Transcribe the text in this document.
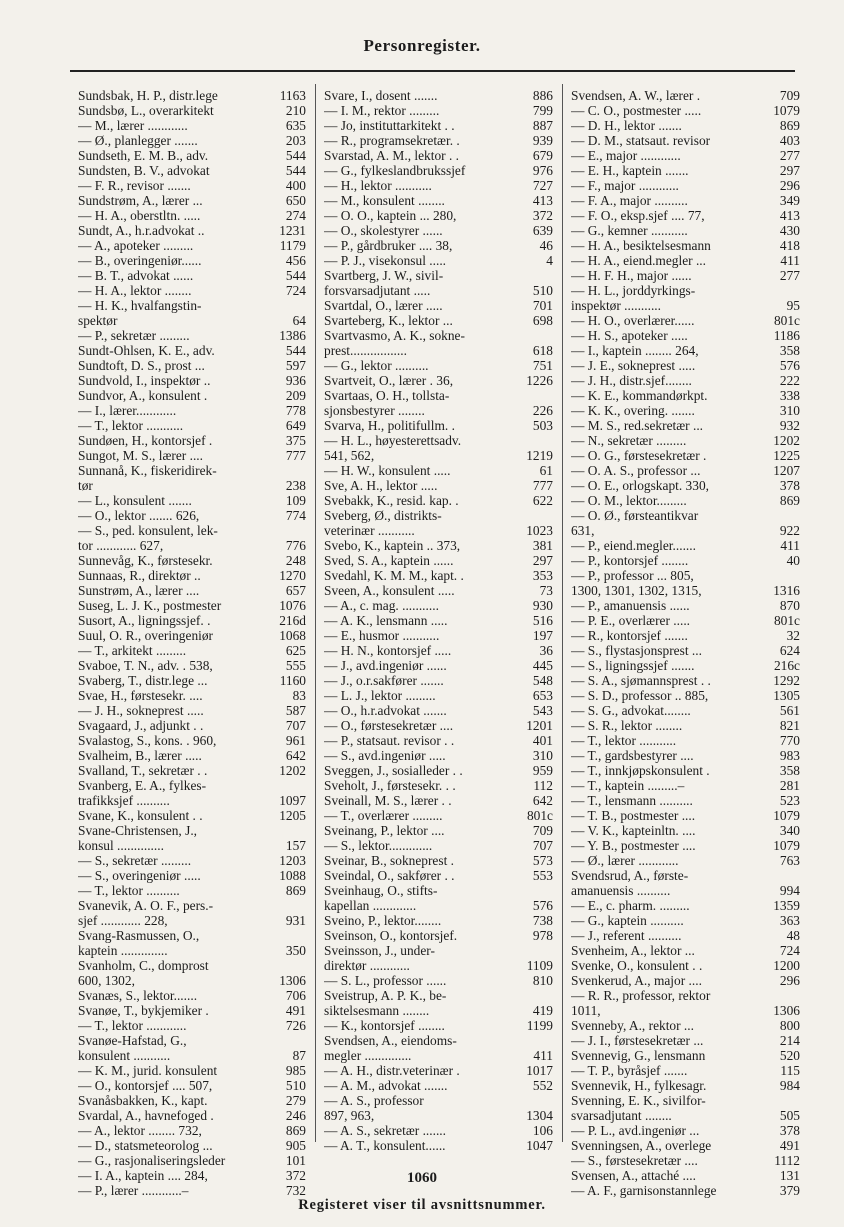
Personregister.
Sundsbak, H. P., distr.lege	1163
Sundsbø, L., overarkitekt	210
— M., lærer ............	635
— Ø., planlegger .......	203
Sundseth, E. M. B., adv.	544
Sundsten, B. V., advokat	544
— F. R., revisor .......	400
Sundstrøm, A., lærer ...	650
— H. A., oberstltn. .....	274
Sundt, A., h.r.advokat ..	1231
— A., apoteker .........	1179
— B., overingeniør......	456
— B. T., advokat ......	544
— H. A., lektor ........	724
— H. K., hvalfangstin-
spektør	64
— P., sekretær .........	1386
Sundt-Ohlsen, K. E., adv.	544
Sundtoft, D. S., prost ...	597
Sundvold, I., inspektør ..	936
Sundvor, A., konsulent .	209
— I., lærer............	778
— T., lektor ...........	649
Sundøen, H., kontorsjef .	375
Sungot, M. S., lærer ....	777
Sunnanå, K., fiskeridirek-
tør	238
— L., konsulent .......	109
— O., lektor ....... 626,	774
— S., ped. konsulent, lek-
tor ............ 627,	776
Sunnevåg, K., førstesekr.	248
Sunnaas, R., direktør ..	1270
Sunstrøm, A., lærer ....	657
Suseg, L. J. K., postmester	1076
Susort, A., ligningssjef. .	216d
Suul, O. R., overingeniør	1068
— T., arkitekt .........	625
Svaboe, T. N., adv. . 538,	555
Svaberg, T., distr.lege ...	1160
Svae, H., førstesekr. ....	83
— J. H., sokneprest .....	587
Svagaard, J., adjunkt . .	707
Svalastog, S., kons. . 960,	961
Svalheim, B., lærer .....	642
Svalland, T., sekretær . .	1202
Svanberg, E. A., fylkes-
trafikksjef ..........	1097
Svane, K., konsulent . .	1205
Svane-Christensen, J.,
konsul ..............	157
— S., sekretær .........	1203
— S., overingeniør .....	1088
— T., lektor ..........	869
Svanevik, A. O. F., pers.-
sjef ............ 228,	931
Svang-Rasmussen, O.,
kaptein ..............	350
Svanholm, C., domprost
600, 1302,	1306
Svanæs, S., lektor.......	706
Svanøe, T., bykjemiker .	491
— T., lektor ............	726
Svanøe-Hafstad, G.,
konsulent ...........	87
— K. M., jurid. konsulent	985
— O., kontorsjef .... 507,	510
Svanåsbakken, K., kapt.	279
Svardal, A., havnefoged .	246
— A., lektor ........ 732,	869
— D., statsmeteorolog ...	905
— G., rasjonaliseringsleder	101
— I. A., kaptein .... 284,	372
— P., lærer ............–	732
Svare, I., dosent .......	886
— I. M., rektor .........	799
— Jo, instituttarkitekt . .	887
— R., programsekretær. .	939
Svarstad, A. M., lektor . .	679
— G., fylkeslandbrukssjef	976
— H., lektor ...........	727
— M., konsulent ........	413
— O. O., kaptein ... 280,	372
— O., skolestyrer ......	639
— P., gårdbruker .... 38,	46
— P. J., visekonsul .....	4
Svartberg, J. W., sivil-
forsvarsadjutant .....	510
Svartdal, O., lærer .....	701
Svarteberg, K., lektor ...	698
Svartvasmo, A. K., sokne-
prest.................	618
— G., lektor ..........	751
Svartveit, O., lærer . 36,	1226
Svartaas, O. H., tollsta-
sjonsbestyrer ........	226
Svarva, H., politifullm. .	503
— H. L., høyesterettsadv.
541, 562,	1219
— H. W., konsulent .....	61
Sve, A. H., lektor .....	777
Svebakk, K., resid. kap. .	622
Sveberg, Ø., distrikts-
veterinær ...........	1023
Svebo, K., kaptein .. 373,	381
Sved, S. A., kaptein ......	297
Svedahl, K. M. M., kapt. .	353
Sveen, A., konsulent .....	73
— A., c. mag. ...........	930
— A. K., lensmann .....	516
— E., husmor ...........	197
— H. N., kontorsjef .....	36
— J., avd.ingeniør ......	445
— J., o.r.sakfører .......	548
— L. J., lektor .........	653
— O., h.r.advokat .......	543
— O., førstesekretær ....	1201
— P., statsaut. revisor . .	401
— S., avd.ingeniør .....	310
Sveggen, J., sosialleder . .	959
Sveholt, J., førstesekr. . .	112
Sveinall, M. S., lærer . .	642
— T., overlærer .........	801c
Sveinang, P., lektor ....	709
— S., lektor.............	707
Sveinar, B., sokneprest .	573
Sveindal, O., sakfører . .	553
Sveinhaug, O., stifts-
kapellan .............	576
Sveino, P., lektor........	738
Sveinson, O., kontorsjef.	978
Sveinsson, J., under-
direktør ............	1109
— S. L., professor ......	810
Sveistrup, A. P. K., be-
siktelsesmann ........	419
— K., kontorsjef ........	1199
Svendsen, A., eiendoms-
megler ..............	411
— A. H., distr.veterinær .	1017
— A. M., advokat .......	552
— A. S., professor
897, 963,	1304
— A. S., sekretær .......	106
— A. T., konsulent......	1047
Svendsen, A. W., lærer .	709
— C. O., postmester .....	1079
— D. H., lektor .......	869
— D. M., statsaut. revisor	403
— E., major ............	277
— E. H., kaptein .......	297
— F., major ............	296
— F. A., major ..........	349
— F. O., eksp.sjef .... 77,	413
— G., kemner ...........	430
— H. A., besiktelsesmann	418
— H. A., eiend.megler ...	411
— H. F. H., major ......	277
— H. L., jorddyrkings-
inspektør ...........	95
— H. O., overlærer......	801c
— H. S., apoteker .....	1186
— I., kaptein ........ 264,	358
— J. E., sokneprest .....	576
— J. H., distr.sjef........	222
— K. E., kommandørkpt.	338
— K. K., overing. .......	310
— M. S., red.sekretær ...	932
— N., sekretær .........	1202
— O. G., førstesekretær .	1225
— O. A. S., professor ...	1207
— O. E., orlogskapt. 330,	378
— O. M., lektor.........	869
— O. Ø., førsteantikvar
631,	922
— P., eiend.megler.......	411
— P., kontorsjef ........	40
— P., professor ... 805,
1300, 1301, 1302, 1315,	1316
— P., amanuensis ......	870
— P. E., overlærer .....	801c
— R., kontorsjef .......	32
— S., flystasjonsprest ...	624
— S., ligningssjef .......	216c
— S. A., sjømannsprest . .	1292
— S. D., professor .. 885,	1305
— S. G., advokat........	561
— S. R., lektor ........	821
— T., lektor ...........	770
— T., gardsbestyrer ....	983
— T., innkjøpskonsulent .	358
— T., kaptein .........–	281
— T., lensmann ..........	523
— T. B., postmester ....	1079
— V. K., kapteinltn. ....	340
— Y. B., postmester ....	1079
— Ø., lærer ............	763
Svendsrud, A., første-
amanuensis ..........	994
— E., c. pharm. .........	1359
— G., kaptein ..........	363
— J., referent ..........	48
Svenheim, A., lektor ...	724
Svenke, O., konsulent . .	1200
Svenkerud, A., major ....	296
— R. R., professor, rektor
1011,	1306
Svenneby, A., rektor ...	800
— J. I., førstesekretær ...	214
Svennevig, G., lensmann	520
— T. P., byråsjef .......	115
Svennevik, H., fylkesagr.	984
Svenning, E. K., sivilfor-
svarsadjutant ........	505
— P. L., avd.ingeniør ...	378
Svenningsen, A., overlege	491
— S., førstesekretær ....	1112
Svensen, A., attaché ....	131
— A. F., garnisonstannlege	379
1060
Registeret viser til avsnittsnummer.
